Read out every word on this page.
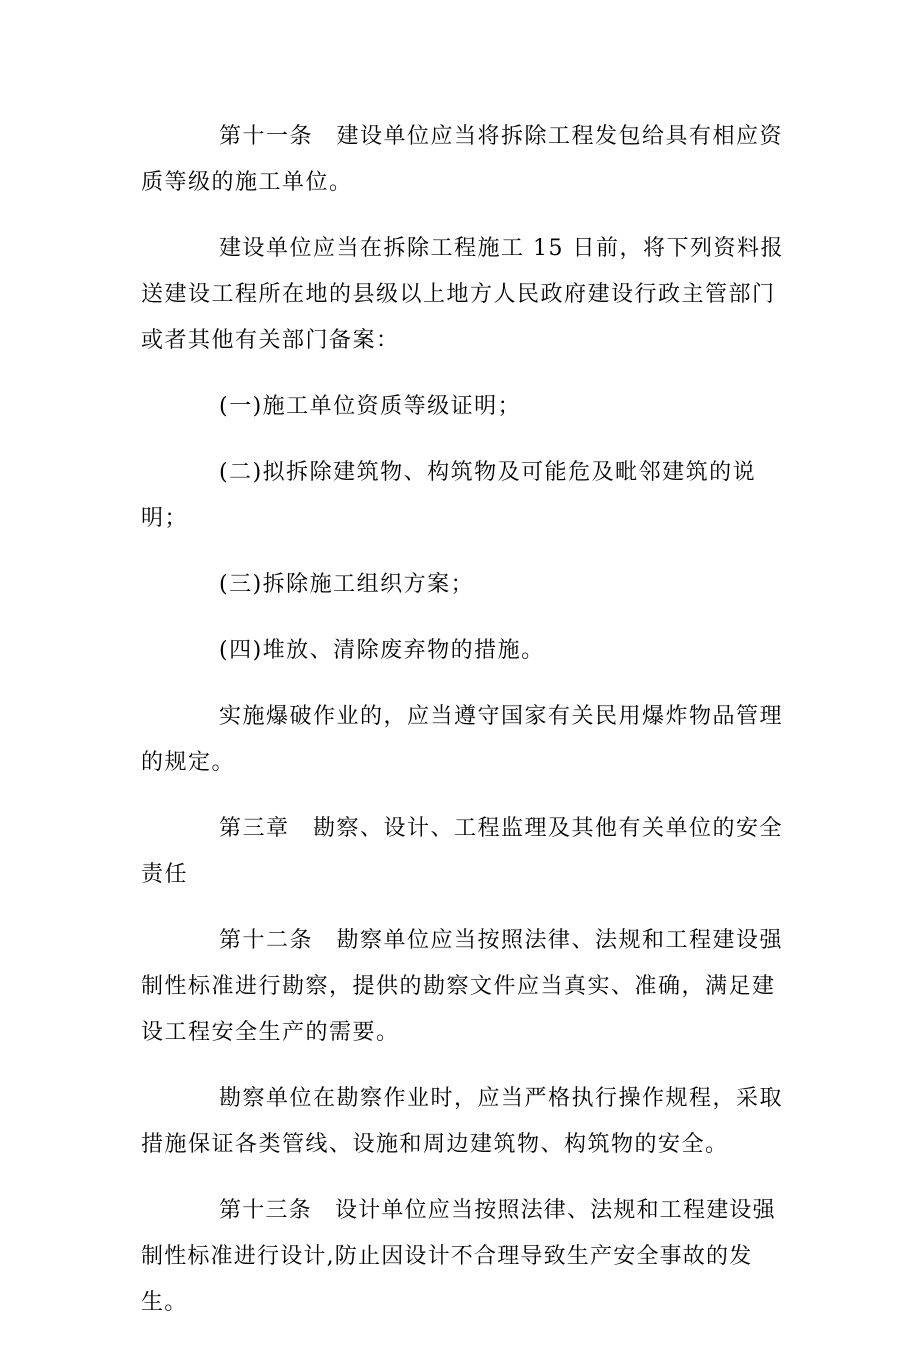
第十一条　建设单位应当将拆除工程发包给具有相应资质等级的施工单位。

建设单位应当在拆除工程施工 15 日前，将下列资料报送建设工程所在地的县级以上地方人民政府建设行政主管部门或者其他有关部门备案：

(一)施工单位资质等级证明；

(二)拟拆除建筑物、构筑物及可能危及毗邻建筑的说明；

(三)拆除施工组织方案；

(四)堆放、清除废弃物的措施。

实施爆破作业的，应当遵守国家有关民用爆炸物品管理的规定。

第三章　勘察、设计、工程监理及其他有关单位的安全责任

第十二条　勘察单位应当按照法律、法规和工程建设强制性标准进行勘察，提供的勘察文件应当真实、准确，满足建设工程安全生产的需要。

勘察单位在勘察作业时，应当严格执行操作规程，采取措施保证各类管线、设施和周边建筑物、构筑物的安全。

第十三条　设计单位应当按照法律、法规和工程建设强制性标准进行设计,防止因设计不合理导致生产安全事故的发生。
